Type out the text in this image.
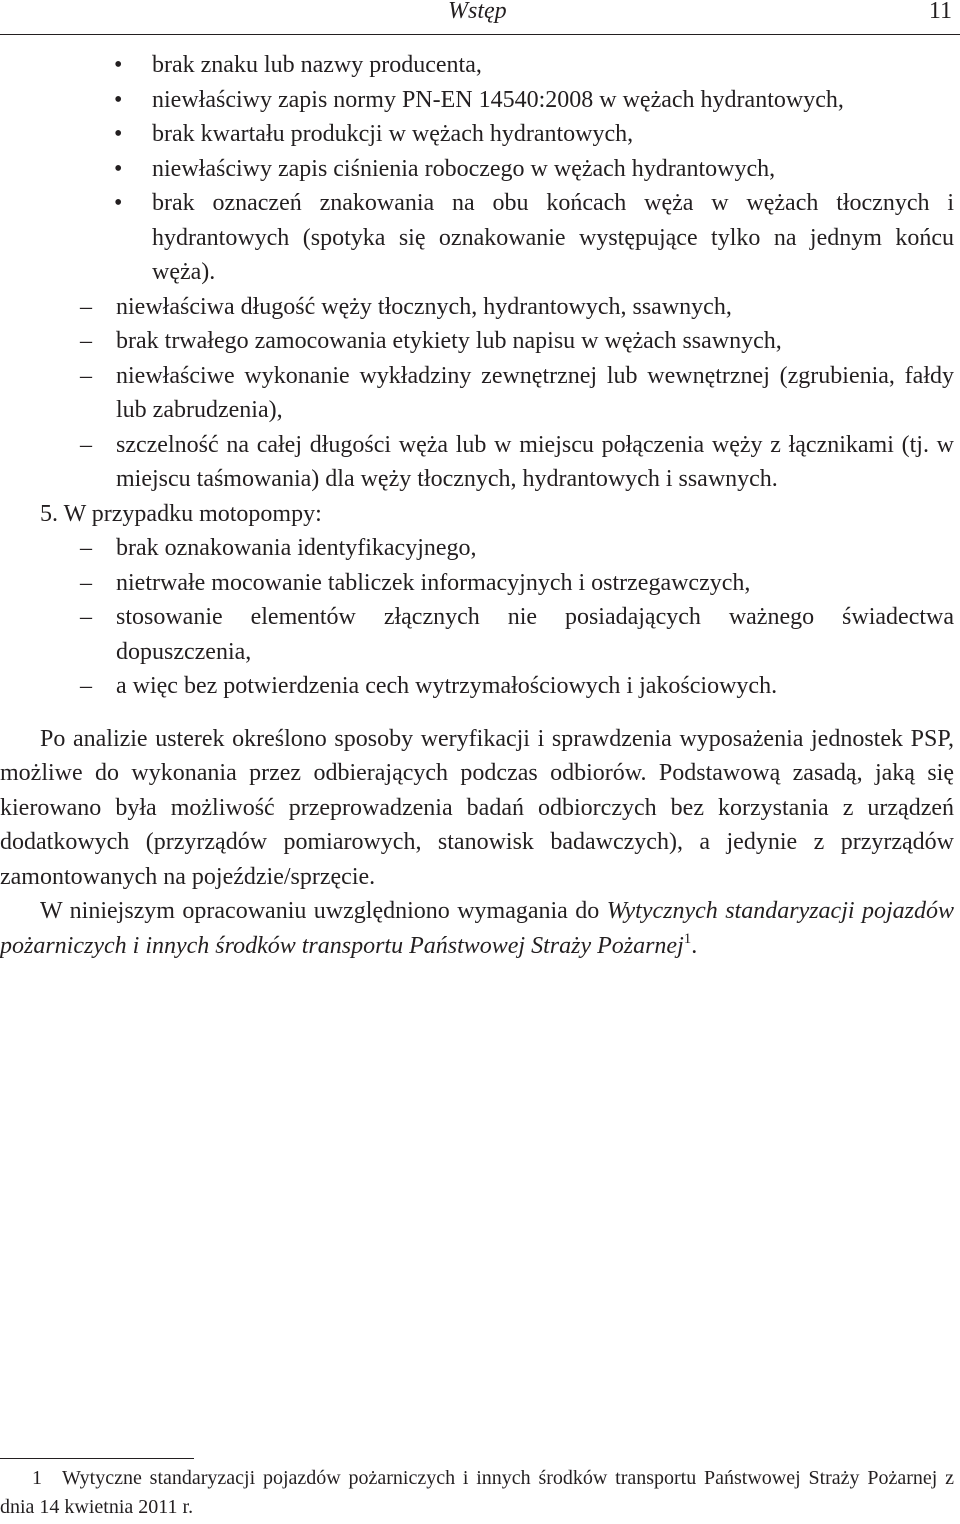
Wstęp	11
• brak znaku lub nazwy producenta,
• niewłaściwy zapis normy PN-EN 14540:2008 w wężach hydrantowych,
• brak kwartału produkcji w wężach hydrantowych,
• niewłaściwy zapis ciśnienia roboczego w wężach hydrantowych,
• brak oznaczeń znakowania na obu końcach węża w wężach tłocznych i hydrantowych (spotyka się oznakowanie występujące tylko na jednym końcu węża).
– niewłaściwa długość węży tłocznych, hydrantowych, ssawnych,
– brak trwałego zamocowania etykiety lub napisu w wężach ssawnych,
– niewłaściwe wykonanie wykładziny zewnętrznej lub wewnętrznej (zgrubienia, fałdy lub zabrudzenia),
– szczelność na całej długości węża lub w miejscu połączenia węży z łącznikami (tj. w miejscu taśmowania) dla węży tłocznych, hydrantowych i ssawnych.
5. W przypadku motopompy:
– brak oznakowania identyfikacyjnego,
– nietrwałe mocowanie tabliczek informacyjnych i ostrzegawczych,
– stosowanie elementów złącznych nie posiadających ważnego świadectwa dopuszczenia,
– a więc bez potwierdzenia cech wytrzymałościowych i jakościowych.

Po analizie usterek określono sposoby weryfikacji i sprawdzenia wyposażenia jednostek PSP, możliwe do wykonania przez odbierających podczas odbiorów. Podstawową zasadą, jaką się kierowano była możliwość przeprowadzenia badań odbiorczych bez korzystania z urządzeń dodatkowych (przyrządów pomiarowych, stanowisk badawczych), a jedynie z przyrządów zamontowanych na pojeździe/sprzęcie.

W niniejszym opracowaniu uwzględniono wymagania do Wytycznych standaryzacji pojazdów pożarniczych i innych środków transportu Państwowej Straży Pożarnej$^1$.

1 Wytyczne standaryzacji pojazdów pożarniczych i innych środków transportu Państwowej Straży Pożarnej z dnia 14 kwietnia 2011 r.
